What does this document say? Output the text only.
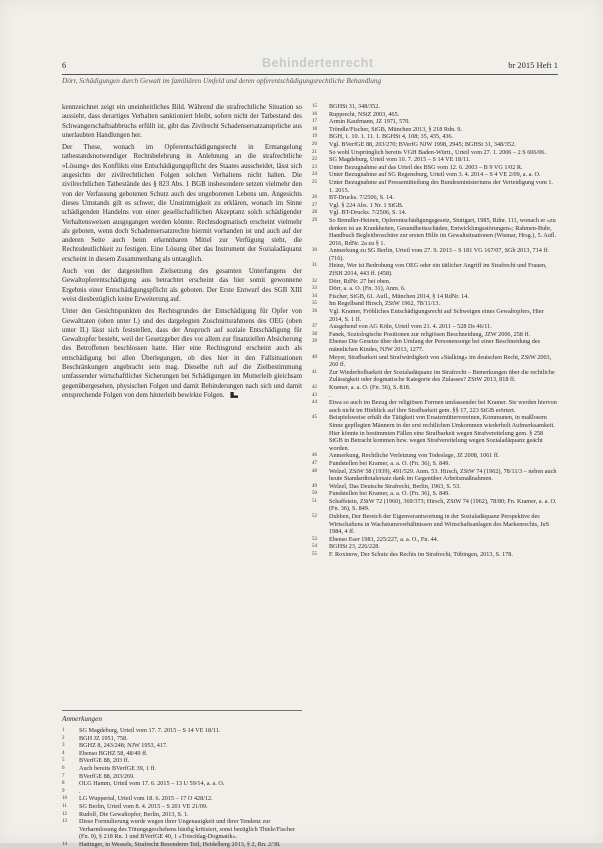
6	Behindertenrecht	br 2015 Heft 1
Dörr, Schädigungen durch Gewalt im familiären Umfeld und deren opferentschädigungsrechtliche Behandlung

kennzeichnet zeigt ein uneinheitliches Bild. Während die strafrechtliche Situation so aussieht, dass derartiges Verhalten sanktioniert bleibt, sofern nicht der Tatbestand des Schwangerschaftsabbruchs erfüllt ist, gibt das Zivilrecht Schadensersatzansprüche aus unerlaubten Handlungen her.

Der These, wonach im Opferentschädigungsrecht in Ermangelung tatbestandsnotwendiger Rechtsbelehrung in Anlehnung an die strafrechtliche »Lösung« des Konflikts eine Entschädigungspflicht des Staates ausscheidet, lässt sich angesichts der zivilrechtlichen Folgen solchen Verhaltens nicht halten. Die zivilrechtlichen Tatbestände des § 823 Abs. 1 BGB insbesondere setzen vielmehr den von der Verfassung gebotenen Schutz auch des ungeborenen Lebens um. Angesichts dieses Umstands gilt es schwer, die Unstimmigkeit zu erklären, wonach im Sinne schädigenden Handelns von einer gesellschaftlichen Akzeptanz solch schädigender Verhaltensweisen ausgegangen werden könnte. Rechtsdogmatisch erscheint vielmehr als geboten, wenn doch Schadensersatzrechte hiermit vorhanden ist und auch auf der anderen Seite auch beim erkennbaren Mittel zur Verfügung steht, die Rechtsdeutlichkeit zu festigen. Eine Lösung über das Instrument der Sozialadäquanz erscheint in diesem Zusammenhang als untauglich.

Auch von der dargestellten Zielsetzung des gesamten Unterfangens der Gewaltopferentschädigung aus betrachtet erscheint das hier somit gewonnene Ergebnis einer Entschädigungspflicht als geboten. Der Erste Entwurf des SGB XIII weist diesbezüglich keine Erweiterung auf.

Unter den Gesichtspunkten des Rechtsgrundes der Entschädigung für Opfer von Gewalttaten (oben unter I.) und des dargelegten Zuschnittsrahmens des OEG (oben unter II.) lässt sich feststellen, dass der Anspruch auf soziale Entschädigung für Gewaltopfer besteht, weil der Gesetzgeber dies vor allem zur finanziellen Absicherung des Betroffenen beschlossen hatte. Hier eine Rechtsgrund erscheint auch als entschädigung bei allen Überlegungen, ob dies hier in den Fallsituationen Beschränkungen angebracht sein mag. Dieselbe ruft auf die Zielbestimmung umfassender wirtschaftlicher Sicherungen bei Schädigungen im Mutterleib gleichsam gegenübergesehen, physischen Folgen und damit Behinderungen nach sich und damit entsprechende Folgen von dem hinterleib bewirkte Folgen.

Anmerkungen
1	SG Magdeburg, Urteil vom 17. 7. 2015 – S 14 VE 18/11.
2	BGH JZ 1951, 758.
3	BGHZ 8, 243/248; NJW 1953, 417.
4	Ebenso BGHZ 58, 48/49 ff.
5	BVerfGE 88, 203 ff.
6	Auch bereits BVerfGE 39, 1 ff.
7	BVerfGE 88, 203/269.
8	OLG Hamm, Urteil vom 17. 6. 2015 – 13 U 59/14, a. a. O.
9	.
10	LG Wuppertal, Urteil vom 18. 6. 2015 – 17 O 428/12.
11	SG Berlin, Urteil vom 8. 4. 2015 – S 201 VE 21/09.
12	Rudolf, Die Gewaltopfer, Berlin, 2013, S. 1.
13	Diese Formulierung wurde wegen ihrer Ungenauigkeit und ihrer Tendenz zur Verharmlosung des Tötungsgeschehens häufig kritisiert, sonst bezüglich Thiele/Fischer (Fn. 9), § 218 Rn. 1 und BVerfGE 40, 1 »Totschlag-Dogmatik«.
14	Hattinger, in Wessels, Strafrecht Besonderer Teil, Heidelberg 2013, § 2, Rn. 2/38.
15	BGHSt 31, 348/352.
16	Rupprecht, NStZ 2003, 465.
17	Armin Kaufmann, JZ 1971, 570.
18	Tröndle/Fischer, StGB, München 2013, § 218 Rdn. 9.
19	BGH, 1. 10. 1. 11. 1. BGHSt 4, 108; 35, 435, 436.
20	Vgl. BVerfGE 88, 203/270; BVerfG NJW 1998, 2945; BGHSt 31, 348/352.
21	So wohl Ursprünglich bereits VGH Baden-Württ., Urteil vom 27. 1. 2006 – 2 S 606/06.
22	SG Magdeburg, Urteil vom 10. 7. 2015 – S 14 VE 18/11.
23	Unter Bezugnahme auf das Urteil des BSG vom 12. 6. 2003 – B 9 VG 1/02 R.
24	Unter Bezugnahme auf SG Regensburg, Urteil vom 3. 4. 2014 – S 4 VE 2/09, a. a. O.
25	Unter Bezugnahme auf Pressemitteilung des Bundesministeriums der Verteidigung vom 1. 1. 2015.
26	BT-Drucks. 7/2506, S. 14.
27	Vgl. § 224 Abs. 1 Nr. 1 StGB.
28	Vgl. BT-Drucks. 7/2506, S. 14.
29	So Brendler-Heinen, Opferentschädigungsgesetz, Stuttgart, 1985, Rdnr. 111, wonach er »zu denken ist an Krankheiten, Gesundheitsschäden, Entwicklungsstörungen«; Rahmen-Buhr, Handbuch Begleitbroschüre zur ersten Hilfe im Gewaltsituationen (Wismar, Hrsg.), 5. Aufl. 2016, RdNr. 2a zu § 1.
30	Anmerkung zu SG Berlin, Urteil vom 27. 9. 2013 – S 181 VG 167/07, SGb 2013, 714 ff. (716).
31	Heinz, Wer ist Bedrohung von OEG oder ein tätlicher Angriff im Strafrecht und Frauen, ZfSH 2014, 443 ff. (458).
32	Dörr, RdNr. 27 bei oben.
33	Dörr, a. a. O. (Fn. 31), Anm. 6.
34	Fischer, StGB, 61. Aufl., München 2014, § 14 RdNr. 14.
35	Im Regelband Hirsch, ZStW 1962, 78/11/13.
36	Vgl. Kramer, Fröhliches Entschädigungsrecht auf Schweigen eines Gewaltopfers, Hier 2014, S. 1 ff.
37	Ausgehend von AG Köln, Urteil vom 21. 4. 2011 – 528 Ds 46/11.
38	Fanek, Soziologische Positionen zur religiösen Beschneidung, JZW 2006, 258 ff.
39	Ebenso Die Gesetze über den Umfang der Personensorge bei einer Beschneidung des männlichen Kindes, NJW 2013, 1277.
40	Meyer, Strafbarkeit und Strafwürdigkeit von »Stalking« im deutschen Recht, ZStW 2003, 260 ff.
41	Zur Wiederholbarkeit der Sozialadäquanz im Strafrecht – Bemerkungen über die rechtliche Zulässigkeit oder dogmatische Kategorie des Zulasses? ZStW 2013, 818 ff.
42	Kramer, a. a. O. (Fn. 36), S. 818.
43	.
44	Etwa so auch im Bezug der religiösen Formen umfassender bei Kramer. Sie werden hiervon auch nicht im Hinblick auf ihre Strafbarkeit gem. §§ 17, 223 StGB erörtert.
45	Beispielsweise erhält die Tätigkeit von Ersatzmüttervereinen, Kommunen, in maßlosem Sinne gepflegten Männern in der erst rechtlichen Umkommen wiederholt Aufmerksamkeit. Hier könnte in bestimmten Fällen eine Strafbarkeit wegen Strafvereitelung gem. § 258 StGB in Betracht kommen bzw. wegen Strafvereitelung wegen Sozialadäquanz geächt worden.
46	Anmerkung, Rechtliche Verletzung von Todeslage, JZ 2008, 1061 ff.
47	Fundstellen bei Kramer, a. a. O. (Fn. 36), S. 849.
48	Welzel, ZStW 58 (1939), 491/529. Anm. 53. Hirsch, ZStW 74 (1962), 78/11/3 – neben auch heute Standardtotalersatz dank im Gegenüber Arbeitsmaßnahmen.
49	Welzel, Das Deutsche Strafrecht, Berlin, 1963, S. 53.
50	Fundstellen bei Kramer, a. a. O. (Fn. 36), S. 849.
51	Schaffstein, ZStW 72 (1960), 369/373; Hirsch, ZStW 74 (1962), 78/80; Fn. Kramer, a. a. O. (Fn. 36), S. 849.
52	Dubben, Der Bereich der Eigenverantwortung in der Sozialadäquanz Perspektive des Wirtschaftens in Wachstumsverhältnissen und Wirtschaftsanlagen des Markenrechts, JuS 1984, 4 ff.
53	Ebenso Eser 1981, 225/227, a. a. O., Fn. 44.
54	BGHSt 23, 226/228.
55	F. Roxinow, Der Schutz des Rechts im Strafrecht, Tübingen, 2013, S. 178.
